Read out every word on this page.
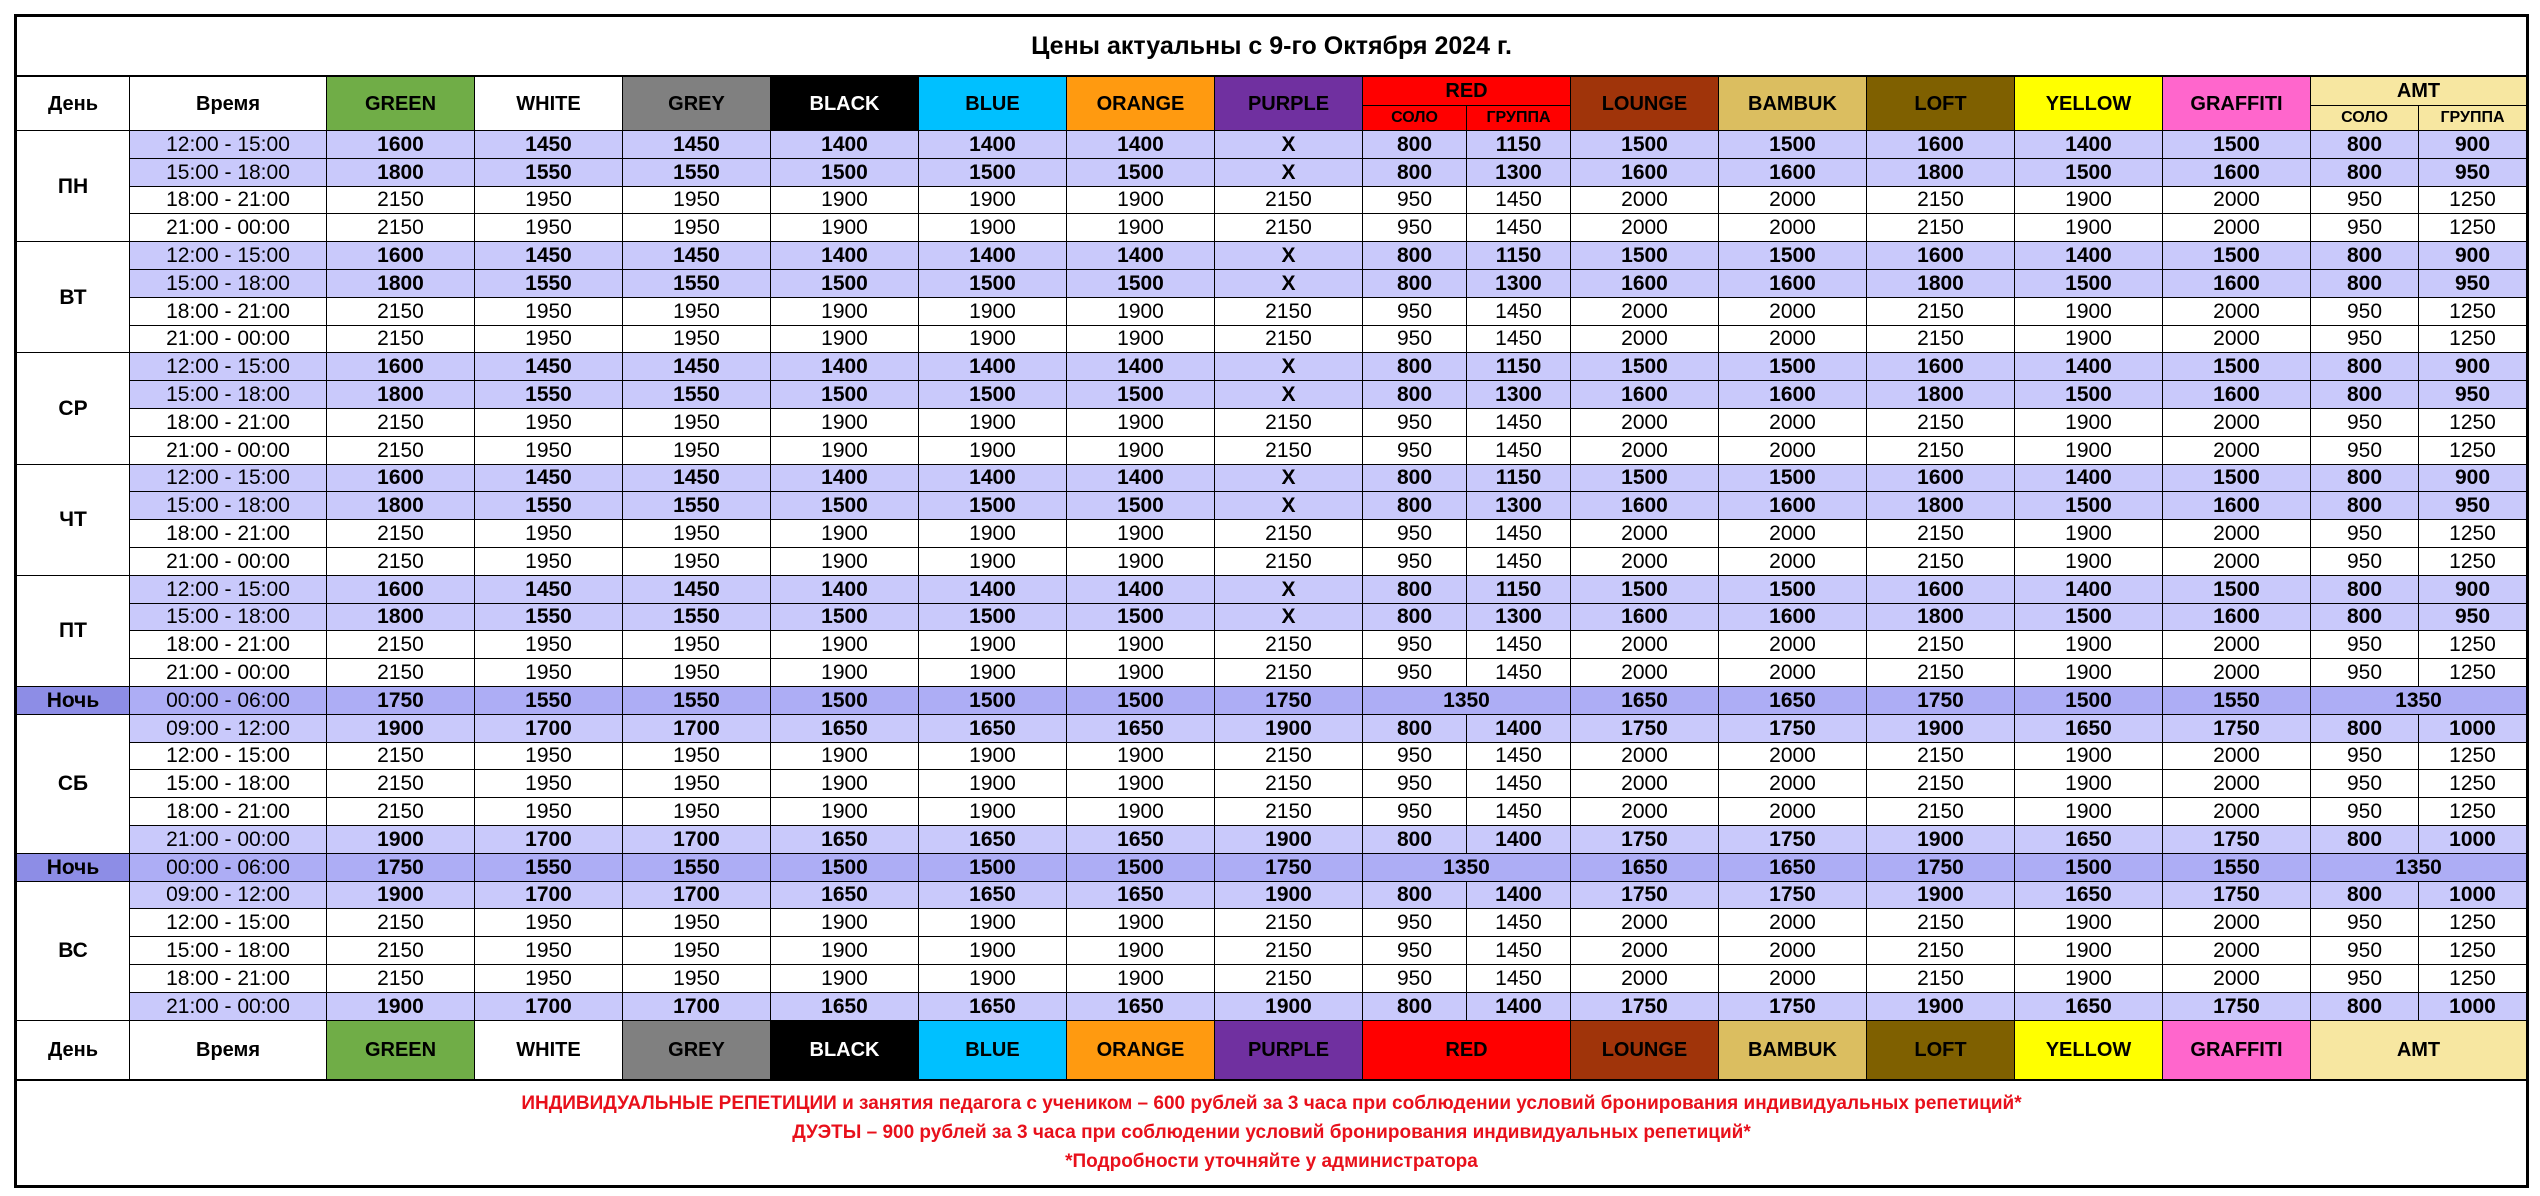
Цены актуальны с 9-го Октября 2024 г.																	
День	Время	GREEN	WHITE	GREY	BLACK	BLUE	ORANGE	PURPLE	RED		LOUNGE	BAMBUK	LOFT	YELLOW	GRAFFITI	AMT	
									СОЛО	ГРУППА						СОЛО	ГРУППА
ПН	12:00 - 15:00	1600	1450	1450	1400	1400	1400	X	800	1150	1500	1500	1600	1400	1500	800	900
	15:00 - 18:00	1800	1550	1550	1500	1500	1500	X	800	1300	1600	1600	1800	1500	1600	800	950
	18:00 - 21:00	2150	1950	1950	1900	1900	1900	2150	950	1450	2000	2000	2150	1900	2000	950	1250
	21:00 - 00:00	2150	1950	1950	1900	1900	1900	2150	950	1450	2000	2000	2150	1900	2000	950	1250
ВТ	12:00 - 15:00	1600	1450	1450	1400	1400	1400	X	800	1150	1500	1500	1600	1400	1500	800	900
	15:00 - 18:00	1800	1550	1550	1500	1500	1500	X	800	1300	1600	1600	1800	1500	1600	800	950
	18:00 - 21:00	2150	1950	1950	1900	1900	1900	2150	950	1450	2000	2000	2150	1900	2000	950	1250
	21:00 - 00:00	2150	1950	1950	1900	1900	1900	2150	950	1450	2000	2000	2150	1900	2000	950	1250
СР	12:00 - 15:00	1600	1450	1450	1400	1400	1400	X	800	1150	1500	1500	1600	1400	1500	800	900
	15:00 - 18:00	1800	1550	1550	1500	1500	1500	X	800	1300	1600	1600	1800	1500	1600	800	950
	18:00 - 21:00	2150	1950	1950	1900	1900	1900	2150	950	1450	2000	2000	2150	1900	2000	950	1250
	21:00 - 00:00	2150	1950	1950	1900	1900	1900	2150	950	1450	2000	2000	2150	1900	2000	950	1250
ЧТ	12:00 - 15:00	1600	1450	1450	1400	1400	1400	X	800	1150	1500	1500	1600	1400	1500	800	900
	15:00 - 18:00	1800	1550	1550	1500	1500	1500	X	800	1300	1600	1600	1800	1500	1600	800	950
	18:00 - 21:00	2150	1950	1950	1900	1900	1900	2150	950	1450	2000	2000	2150	1900	2000	950	1250
	21:00 - 00:00	2150	1950	1950	1900	1900	1900	2150	950	1450	2000	2000	2150	1900	2000	950	1250
ПТ	12:00 - 15:00	1600	1450	1450	1400	1400	1400	X	800	1150	1500	1500	1600	1400	1500	800	900
	15:00 - 18:00	1800	1550	1550	1500	1500	1500	X	800	1300	1600	1600	1800	1500	1600	800	950
	18:00 - 21:00	2150	1950	1950	1900	1900	1900	2150	950	1450	2000	2000	2150	1900	2000	950	1250
	21:00 - 00:00	2150	1950	1950	1900	1900	1900	2150	950	1450	2000	2000	2150	1900	2000	950	1250
Ночь	00:00 - 06:00	1750	1550	1550	1500	1500	1500	1750	1350		1650	1650	1750	1500	1550	1350	
СБ	09:00 - 12:00	1900	1700	1700	1650	1650	1650	1900	800	1400	1750	1750	1900	1650	1750	800	1000
	12:00 - 15:00	2150	1950	1950	1900	1900	1900	2150	950	1450	2000	2000	2150	1900	2000	950	1250
	15:00 - 18:00	2150	1950	1950	1900	1900	1900	2150	950	1450	2000	2000	2150	1900	2000	950	1250
	18:00 - 21:00	2150	1950	1950	1900	1900	1900	2150	950	1450	2000	2000	2150	1900	2000	950	1250
	21:00 - 00:00	1900	1700	1700	1650	1650	1650	1900	800	1400	1750	1750	1900	1650	1750	800	1000
Ночь	00:00 - 06:00	1750	1550	1550	1500	1500	1500	1750	1350		1650	1650	1750	1500	1550	1350	
ВС	09:00 - 12:00	1900	1700	1700	1650	1650	1650	1900	800	1400	1750	1750	1900	1650	1750	800	1000
	12:00 - 15:00	2150	1950	1950	1900	1900	1900	2150	950	1450	2000	2000	2150	1900	2000	950	1250
	15:00 - 18:00	2150	1950	1950	1900	1900	1900	2150	950	1450	2000	2000	2150	1900	2000	950	1250
	18:00 - 21:00	2150	1950	1950	1900	1900	1900	2150	950	1450	2000	2000	2150	1900	2000	950	1250
	21:00 - 00:00	1900	1700	1700	1650	1650	1650	1900	800	1400	1750	1750	1900	1650	1750	800	1000
День	Время	GREEN	WHITE	GREY	BLACK	BLUE	ORANGE	PURPLE	RED		LOUNGE	BAMBUK	LOFT	YELLOW	GRAFFITI	AMT	

ИНДИВИДУАЛЬНЫЕ РЕПЕТИЦИИ и занятия педагога с учеником – 600 рублей за 3 часа при соблюдении условий бронирования индивидуальных репетиций*
ДУЭТЫ – 900 рублей за 3 часа при соблюдении условий бронирования индивидуальных репетиций*
*Подробности уточняйте у администратора																	
